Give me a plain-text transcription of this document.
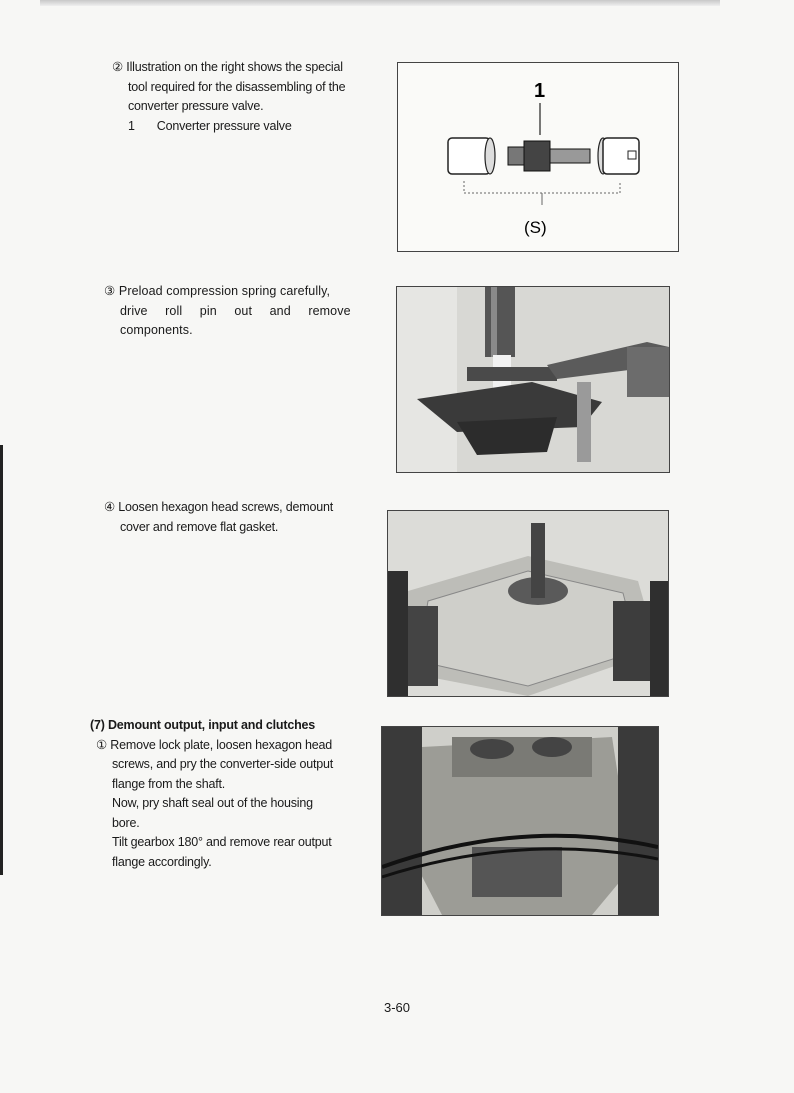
② Illustration on the right shows the special

tool required for the disassembling of the

converter pressure valve.

1 Converter pressure valve

1
(S)

③ Preload compression spring carefully,

drive roll pin out and remove

components.

④ Loosen hexagon head screws, demount

cover and remove flat gasket.

(7) Demount output, input and clutches

① Remove lock plate, loosen hexagon head

screws, and pry the converter-side output

flange from the shaft.

Now, pry shaft seal out of the housing

bore.

Tilt gearbox 180° and remove rear output

flange accordingly.

3-60
